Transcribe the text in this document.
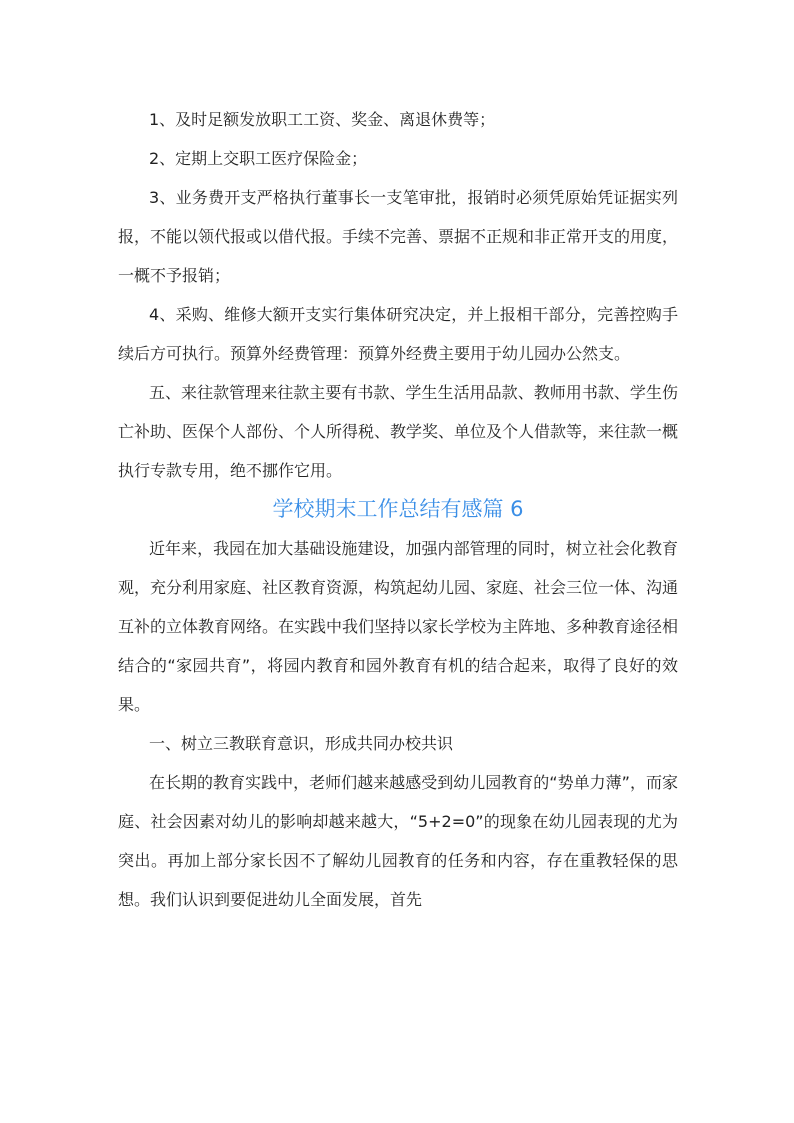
1、及时足额发放职工工资、奖金、离退休费等；

2、定期上交职工医疗保险金；

3、业务费开支严格执行董事长一支笔审批，报销时必须凭原始凭证据实列报，不能以领代报或以借代报。手续不完善、票据不正规和非正常开支的用度，一概不予报销；

4、采购、维修大额开支实行集体研究决定，并上报相干部分，完善控购手续后方可执行。预算外经费管理：预算外经费主要用于幼儿园办公然支。

五、来往款管理来往款主要有书款、学生生活用品款、教师用书款、学生伤亡补助、医保个人部份、个人所得税、教学奖、单位及个人借款等，来往款一概执行专款专用，绝不挪作它用。

学校期末工作总结有感篇 6

近年来，我园在加大基础设施建设，加强内部管理的同时，树立社会化教育观，充分利用家庭、社区教育资源，构筑起幼儿园、家庭、社会三位一体、沟通互补的立体教育网络。在实践中我们坚持以家长学校为主阵地、多种教育途径相结合的“家园共育”，将园内教育和园外教育有机的结合起来，取得了良好的效果。

一、树立三教联育意识，形成共同办校共识

在长期的教育实践中，老师们越来越感受到幼儿园教育的“势单力薄”，而家庭、社会因素对幼儿的影响却越来越大，“5+2=0”的现象在幼儿园表现的尤为突出。再加上部分家长因不了解幼儿园教育的任务和内容，存在重教轻保的思想。我们认识到要促进幼儿全面发展，首先
